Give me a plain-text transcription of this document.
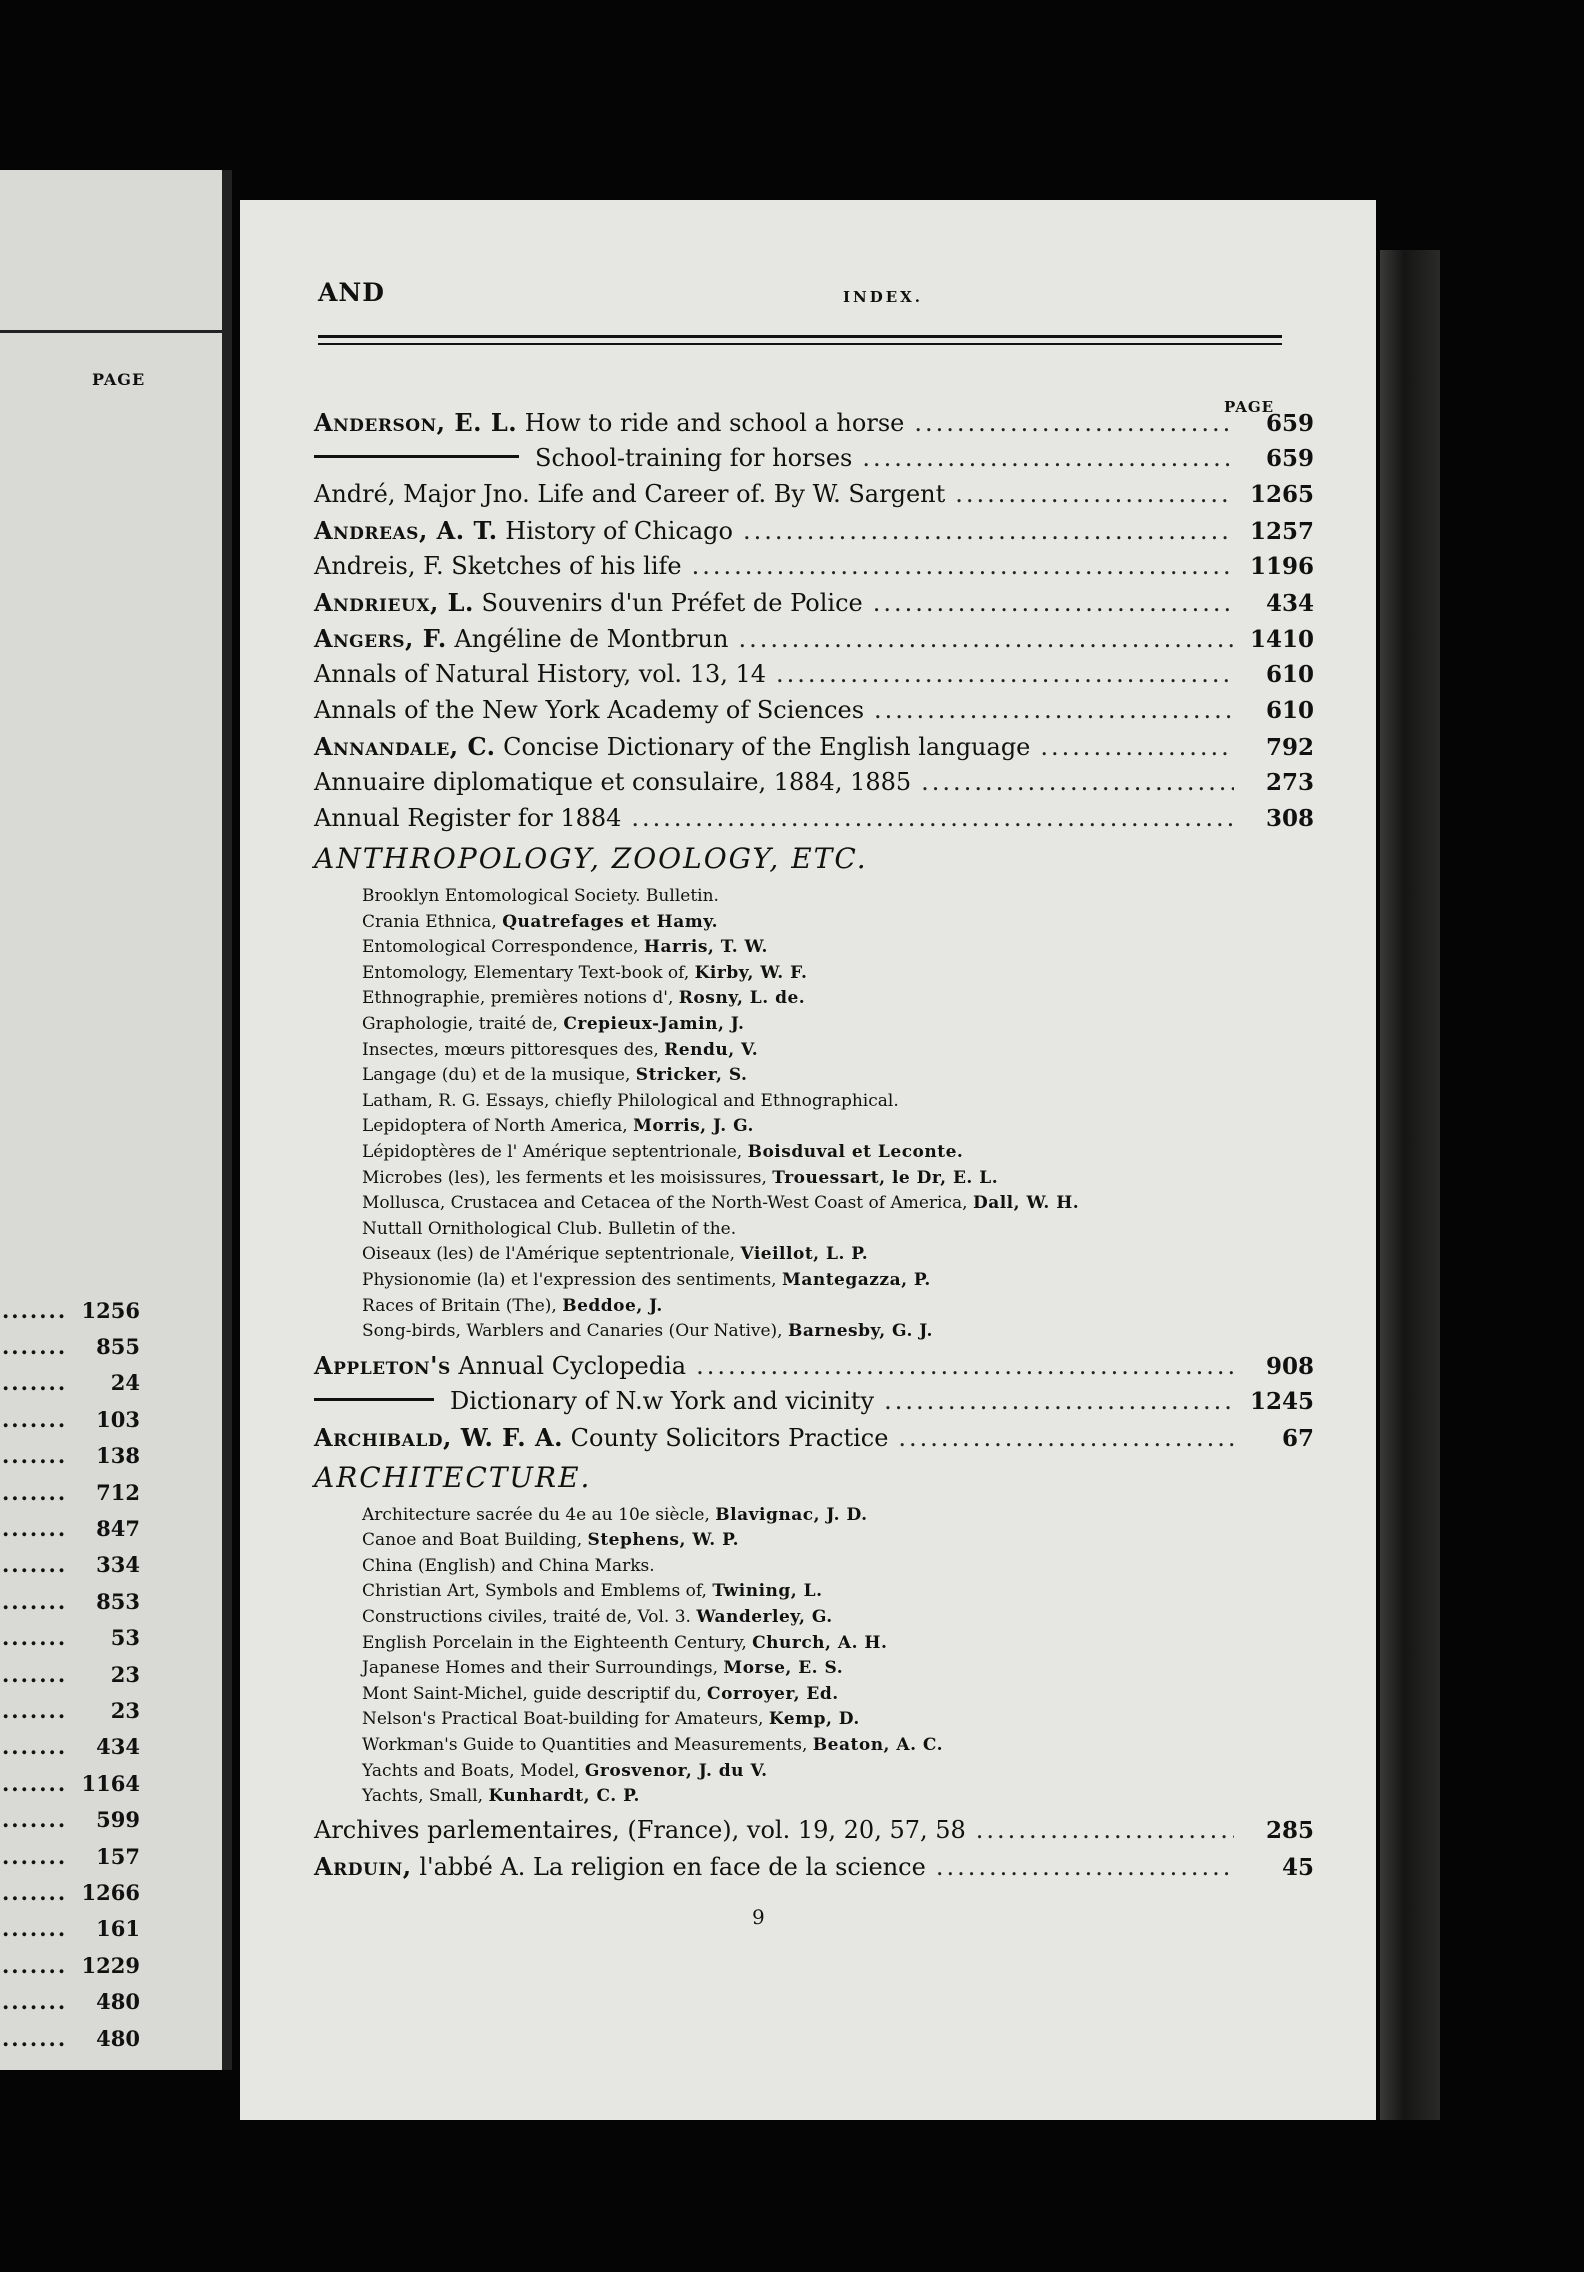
PAGE
....... 1256
....... 855
....... 24
....... 103
....... 138
....... 712
....... 847
....... 334
....... 853
....... 53
....... 23
....... 23
....... 434
....... 1164
....... 599
....... 157
....... 1266
....... 161
....... 1229
....... 480
....... 480
AND	INDEX.
PAGE
Anderson, E. L. How to ride and school a horse .....	659
School-training for horses .....	659
André, Major Jno. Life and Career of. By W. Sargent .....	1265
Andreas, A. T. History of Chicago .....	1257
Andreis, F. Sketches of his life .....	1196
Andrieux, L. Souvenirs d'un Préfet de Police .....	434
Angers, F. Angéline de Montbrun .....	1410
Annals of Natural History, vol. 13, 14 .....	610
Annals of the New York Academy of Sciences .....	610
Annandale, C. Concise Dictionary of the English language .....	792
Annuaire diplomatique et consulaire, 1884, 1885 .....	273
Annual Register for 1884 .....	308
ANTHROPOLOGY, ZOOLOGY, ETC.
Brooklyn Entomological Society. Bulletin.
Crania Ethnica, Quatrefages et Hamy.
Entomological Correspondence, Harris, T. W.
Entomology, Elementary Text-book of, Kirby, W. F.
Ethnographie, premières notions d', Rosny, L. de.
Graphologie, traité de, Crepieux-Jamin, J.
Insectes, mœurs pittoresques des, Rendu, V.
Langage (du) et de la musique, Stricker, S.
Latham, R. G. Essays, chiefly Philological and Ethnographical.
Lepidoptera of North America, Morris, J. G.
Lépidoptères de l' Amérique septentrionale, Boisduval et Leconte.
Microbes (les), les ferments et les moisissures, Trouessart, le Dr, E. L.
Mollusca, Crustacea and Cetacea of the North-West Coast of America, Dall, W. H.
Nuttall Ornithological Club. Bulletin of the.
Oiseaux (les) de l'Amérique septentrionale, Vieillot, L. P.
Physionomie (la) et l'expression des sentiments, Mantegazza, P.
Races of Britain (The), Beddoe, J.
Song-birds, Warblers and Canaries (Our Native), Barnesby, G. J.
Appleton's Annual Cyclopedia .....	908
Dictionary of N.w York and vicinity .....	1245
Archibald, W. F. A. County Solicitors Practice .....	67
ARCHITECTURE.
Architecture sacrée du 4e au 10e siècle, Blavignac, J. D.
Canoe and Boat Building, Stephens, W. P.
China (English) and China Marks.
Christian Art, Symbols and Emblems of, Twining, L.
Constructions civiles, traité de, Vol. 3. Wanderley, G.
English Porcelain in the Eighteenth Century, Church, A. H.
Japanese Homes and their Surroundings, Morse, E. S.
Mont Saint-Michel, guide descriptif du, Corroyer, Ed.
Nelson's Practical Boat-building for Amateurs, Kemp, D.
Workman's Guide to Quantities and Measurements, Beaton, A. C.
Yachts and Boats, Model, Grosvenor, J. du V.
Yachts, Small, Kunhardt, C. P.
Archives parlementaires, (France), vol. 19, 20, 57, 58 .....	285
Arduin, l'abbé A. La religion en face de la science .....	45
9
